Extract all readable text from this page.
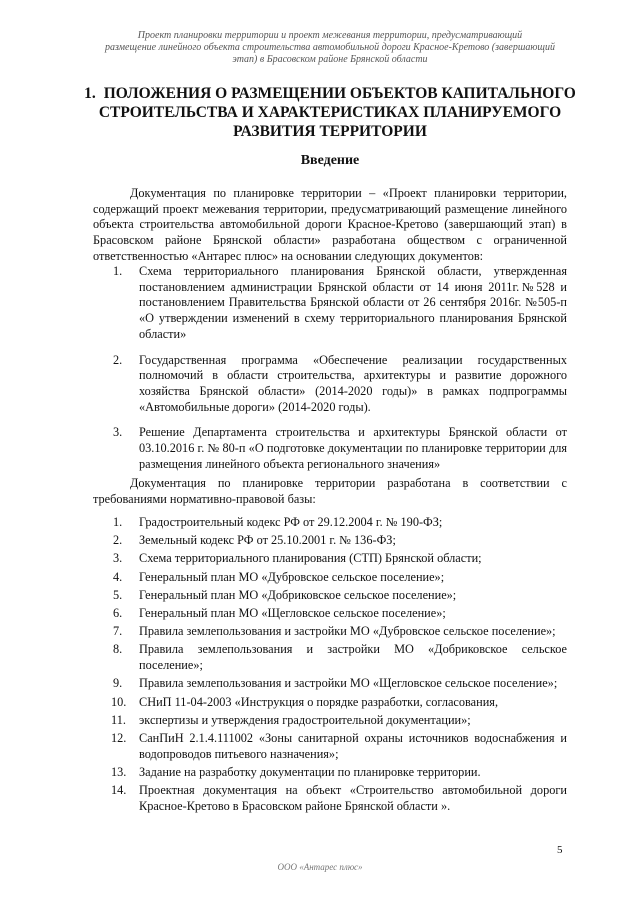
Проект планировки территории и проект межевания территории, предусматривающий
размещение линейного объекта строительства автомобильной дороги Красное-Кретово (завершающий
этап) в Брасовском районе Брянской области
1. ПОЛОЖЕНИЯ О РАЗМЕЩЕНИИ ОБЪЕКТОВ КАПИТАЛЬНОГО СТРОИТЕЛЬСТВА И ХАРАКТЕРИСТИКАХ ПЛАНИРУЕМОГО РАЗВИТИЯ ТЕРРИТОРИИ
Введение
Документация по планировке территории – «Проект планировки территории, содержащий проект межевания территории, предусматривающий размещение линейного объекта строительства автомобильной дороги Красное-Кретово (завершающий этап) в Брасовском районе Брянской области» разработана обществом с ограниченной ответственностью «Антарес плюс» на основании следующих документов:
1. Схема территориального планирования Брянской области, утвержденная постановлением администрации Брянской области от 14 июня 2011г.№528 и постановлением Правительства Брянской области от 26 сентября 2016г. №505-п «О утверждении изменений в схему территориального планирования Брянской области»
2. Государственная программа «Обеспечение реализации государственных полномочий в области строительства, архитектуры и развитие дорожного хозяйства Брянской области» (2014-2020 годы)» в рамках подпрограммы «Автомобильные дороги» (2014-2020 годы).
3. Решение Департамента строительства и архитектуры Брянской области от 03.10.2016 г. № 80-п «О подготовке документации по планировке территории для размещения линейного объекта регионального значения»
Документация по планировке территории разработана в соответствии с требованиями нормативно-правовой базы:
1. Градостроительный кодекс РФ от 29.12.2004 г. № 190-ФЗ;
2. Земельный кодекс РФ от 25.10.2001 г. № 136-ФЗ;
3. Схема территориального планирования (СТП) Брянской области;
4. Генеральный план МО «Дубровское сельское поселение»;
5. Генеральный план МО «Добриковское сельское поселение»;
6. Генеральный план МО «Щегловское сельское поселение»;
7. Правила землепользования и застройки МО «Дубровское сельское поселение»;
8. Правила землепользования и застройки МО «Добриковское сельское поселение»;
9. Правила землепользования и застройки МО «Щегловское сельское поселение»;
10. СНиП 11-04-2003 «Инструкция о порядке разработки, согласования,
11. экспертизы и утверждения градостроительной документации»;
12. СанПиН 2.1.4.111002 «Зоны санитарной охраны источников водоснабжения и водопроводов питьевого назначения»;
13. Задание на разработку документации по планировке территории.
14. Проектная документация на объект «Строительство автомобильной дороги Красное-Кретово в Брасовском районе Брянской области ».
5
ООО «Антарес плюс»
